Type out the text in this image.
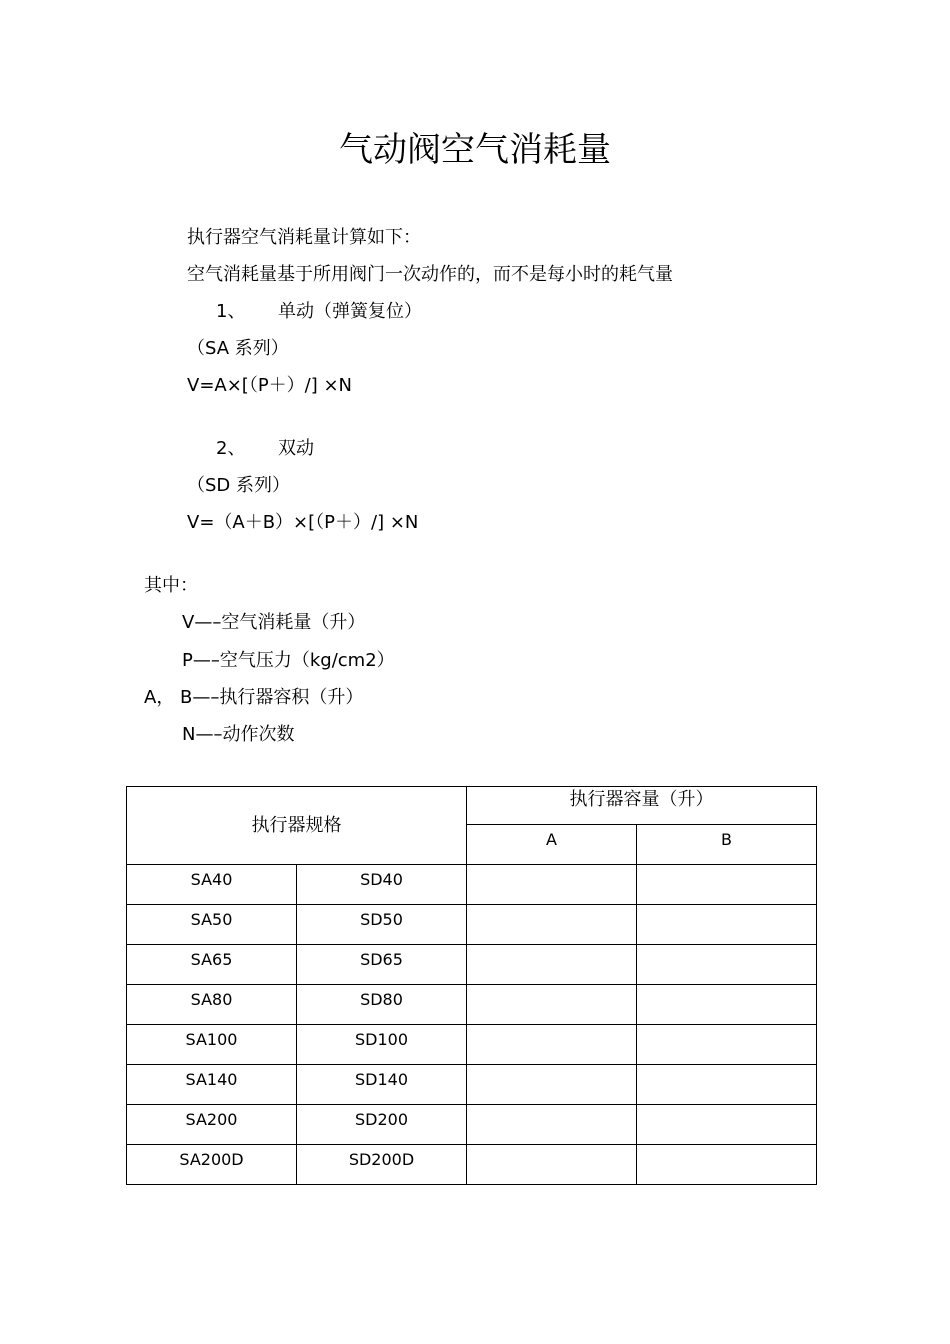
气动阀空气消耗量
执行器空气消耗量计算如下：
空气消耗量基于所用阀门一次动作的，而不是每小时的耗气量
1、 单动（弹簧复位）
（SA 系列）
V=A×[（P＋）/] ×N
2、 双动
（SD 系列）
V=（A＋B）×[（P＋）/] ×N
其中：
V—–空气消耗量（升）
P—–空气压力（kg/cm2）
A， B—–执行器容积（升）
N—–动作次数
执行器规格		执行器容量（升）	
		A	B
SA40	SD40		
SA50	SD50		
SA65	SD65		
SA80	SD80		
SA100	SD100		
SA140	SD140		
SA200	SD200		
SA200D	SD200D		
